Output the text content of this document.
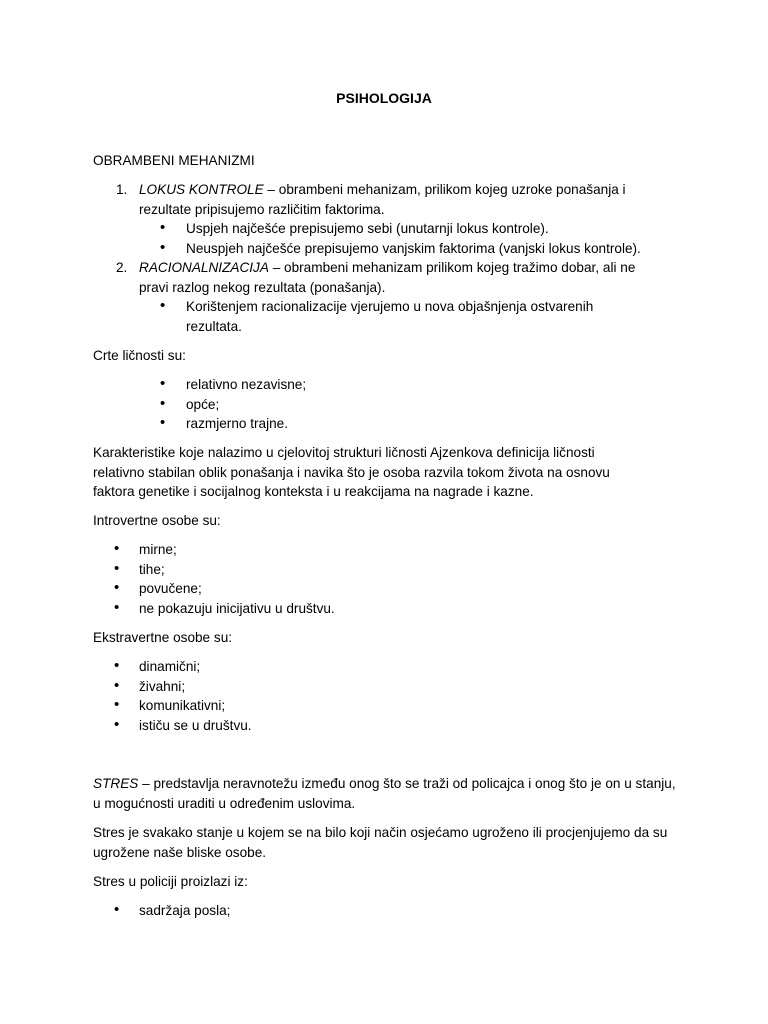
PSIHOLOGIJA
OBRAMBENI MEHANIZMI
1. LOKUS KONTROLE – obrambeni mehanizam, prilikom kojeg uzroke ponašanja i
rezultate pripisujemo različitim faktorima.
• Uspjeh najčešće prepisujemo sebi (unutarnji lokus kontrole).
• Neuspjeh najčešće prepisujemo vanjskim faktorima (vanjski lokus kontrole).
2. RACIONALNIZACIJA – obrambeni mehanizam prilikom kojeg tražimo dobar, ali ne
pravi razlog nekog rezultata (ponašanja).
• Korištenjem racionalizacije vjerujemo u nova objašnjenja ostvarenih
rezultata.
Crte ličnosti su:
• relativno nezavisne;
• opće;
• razmjerno trajne.
Karakteristike koje nalazimo u cjelovitoj strukturi ličnosti Ajzenkova definicija ličnosti relativno stabilan oblik ponašanja i navika što je osoba razvila tokom života na osnovu faktora genetike i socijalnog konteksta i u reakcijama na nagrade i kazne.
Introvertne osobe su:
• mirne;
• tihe;
• povučene;
• ne pokazuju inicijativu u društvu.
Ekstravertne osobe su:
• dinamični;
• živahni;
• komunikativni;
• ističu se u društvu.
STRES – predstavlja neravnotežu između onog što se traži od policajca i onog što je on u stanju, u mogućnosti uraditi u određenim uslovima.
Stres je svakako stanje u kojem se na bilo koji način osjećamo ugroženo ili procjenjujemo da su ugrožene naše bliske osobe.
Stres u policiji proizlazi iz:
• sadržaja posla;
